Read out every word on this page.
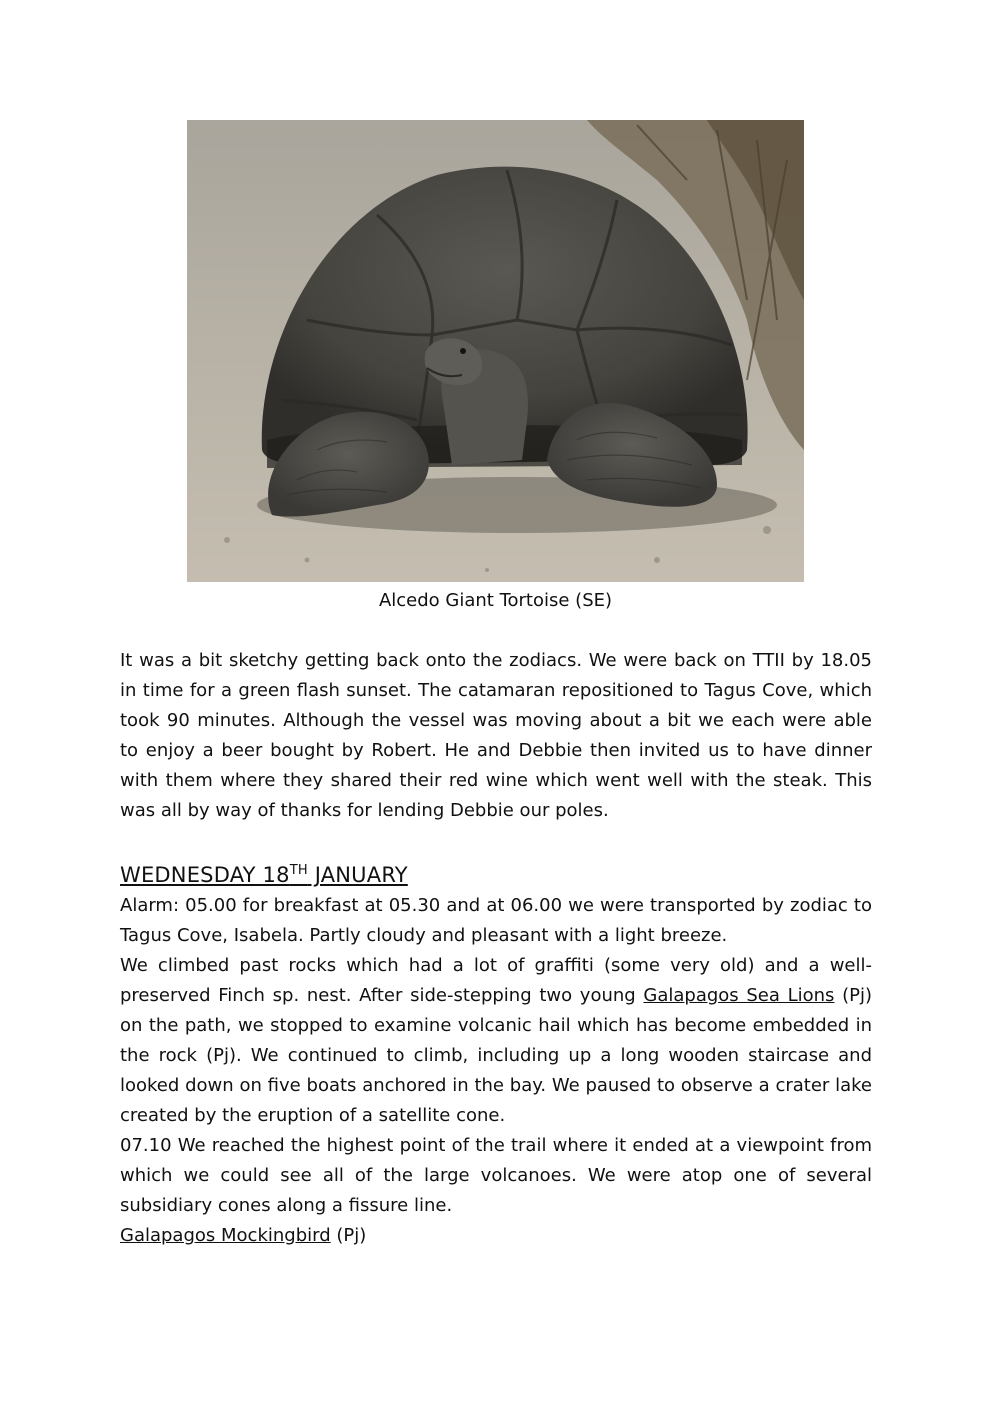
Alcedo Giant Tortoise (SE)

It was a bit sketchy getting back onto the zodiacs. We were back on TTII by 18.05 in time for a green flash sunset. The catamaran repositioned to Tagus Cove, which took 90 minutes. Although the vessel was moving about a bit we each were able to enjoy a beer bought by Robert. He and Debbie then invited us to have dinner with them where they shared their red wine which went well with the steak. This was all by way of thanks for lending Debbie our poles.

WEDNESDAY 18TH JANUARY

Alarm: 05.00 for breakfast at 05.30 and at 06.00 we were transported by zodiac to Tagus Cove, Isabela. Partly cloudy and pleasant with a light breeze.

We climbed past rocks which had a lot of graffiti (some very old) and a well-preserved Finch sp. nest. After side-stepping two young Galapagos Sea Lions (Pj) on the path, we stopped to examine volcanic hail which has become embedded in the rock (Pj). We continued to climb, including up a long wooden staircase and looked down on five boats anchored in the bay. We paused to observe a crater lake created by the eruption of a satellite cone.

07.10 We reached the highest point of the trail where it ended at a viewpoint from which we could see all of the large volcanoes. We were atop one of several subsidiary cones along a fissure line.

Galapagos Mockingbird (Pj)
